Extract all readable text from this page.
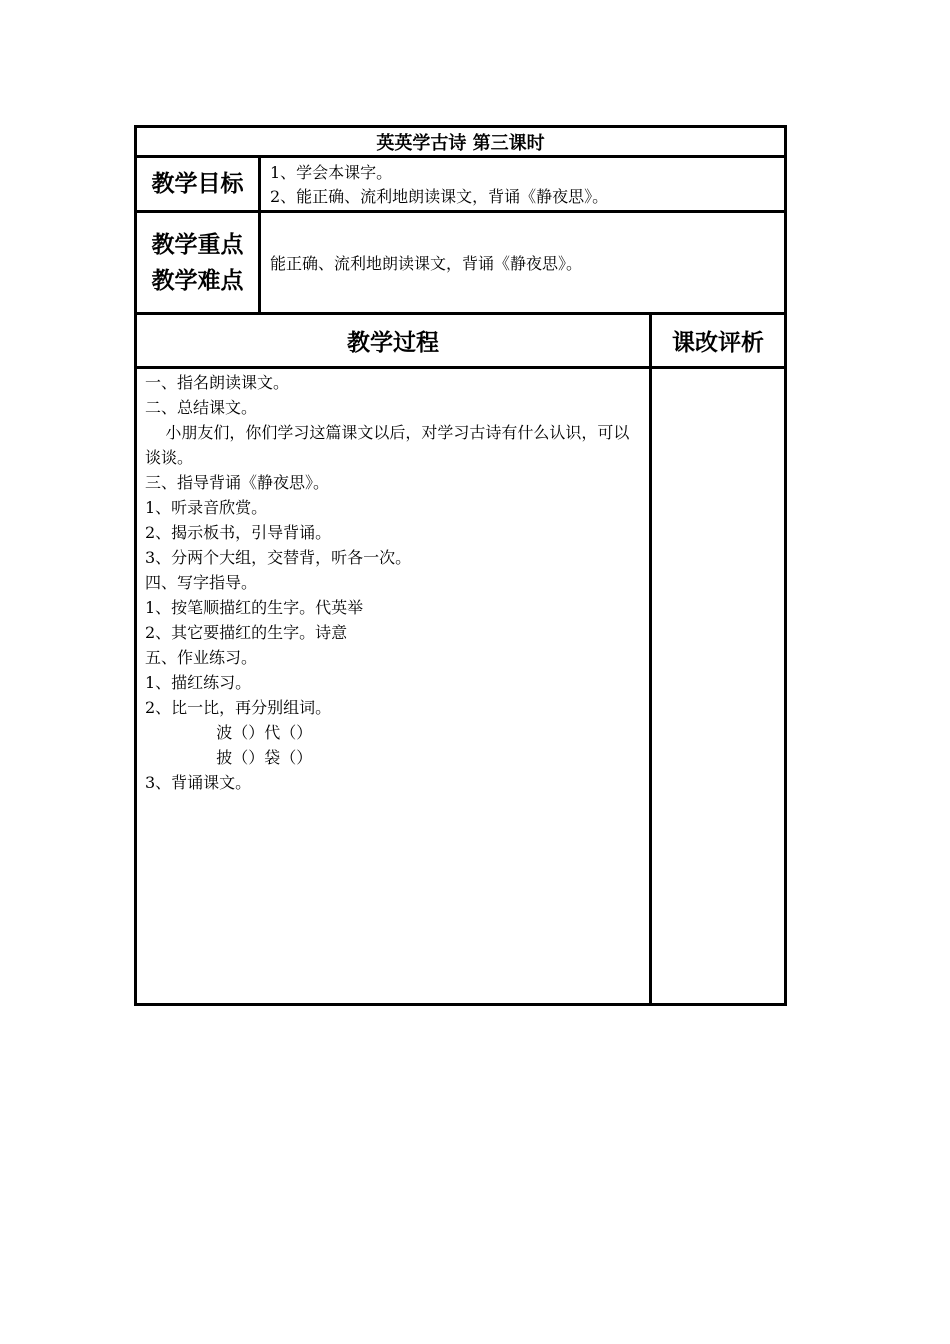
英英学古诗 第三课时
教学目标 1、学会本课字。
2、能正确、流利地朗读课文，背诵《静夜思》。
教学重点
教学难点
能正确、流利地朗读课文，背诵《静夜思》。
教学过程	课改评析
一、指名朗读课文。
二、总结课文。
小朋友们，你们学习这篇课文以后，对学习古诗有什么认识，可以谈谈。
三、指导背诵《静夜思》。
1、听录音欣赏。
2、揭示板书，引导背诵。
3、分两个大组，交替背，听各一次。
四、写字指导。
1、按笔顺描红的生字。代英举
2、其它要描红的生字。诗意
五、作业练习。
1、描红练习。
2、比一比，再分别组词。
波（）代（）
披（）袋（）
3、背诵课文。
